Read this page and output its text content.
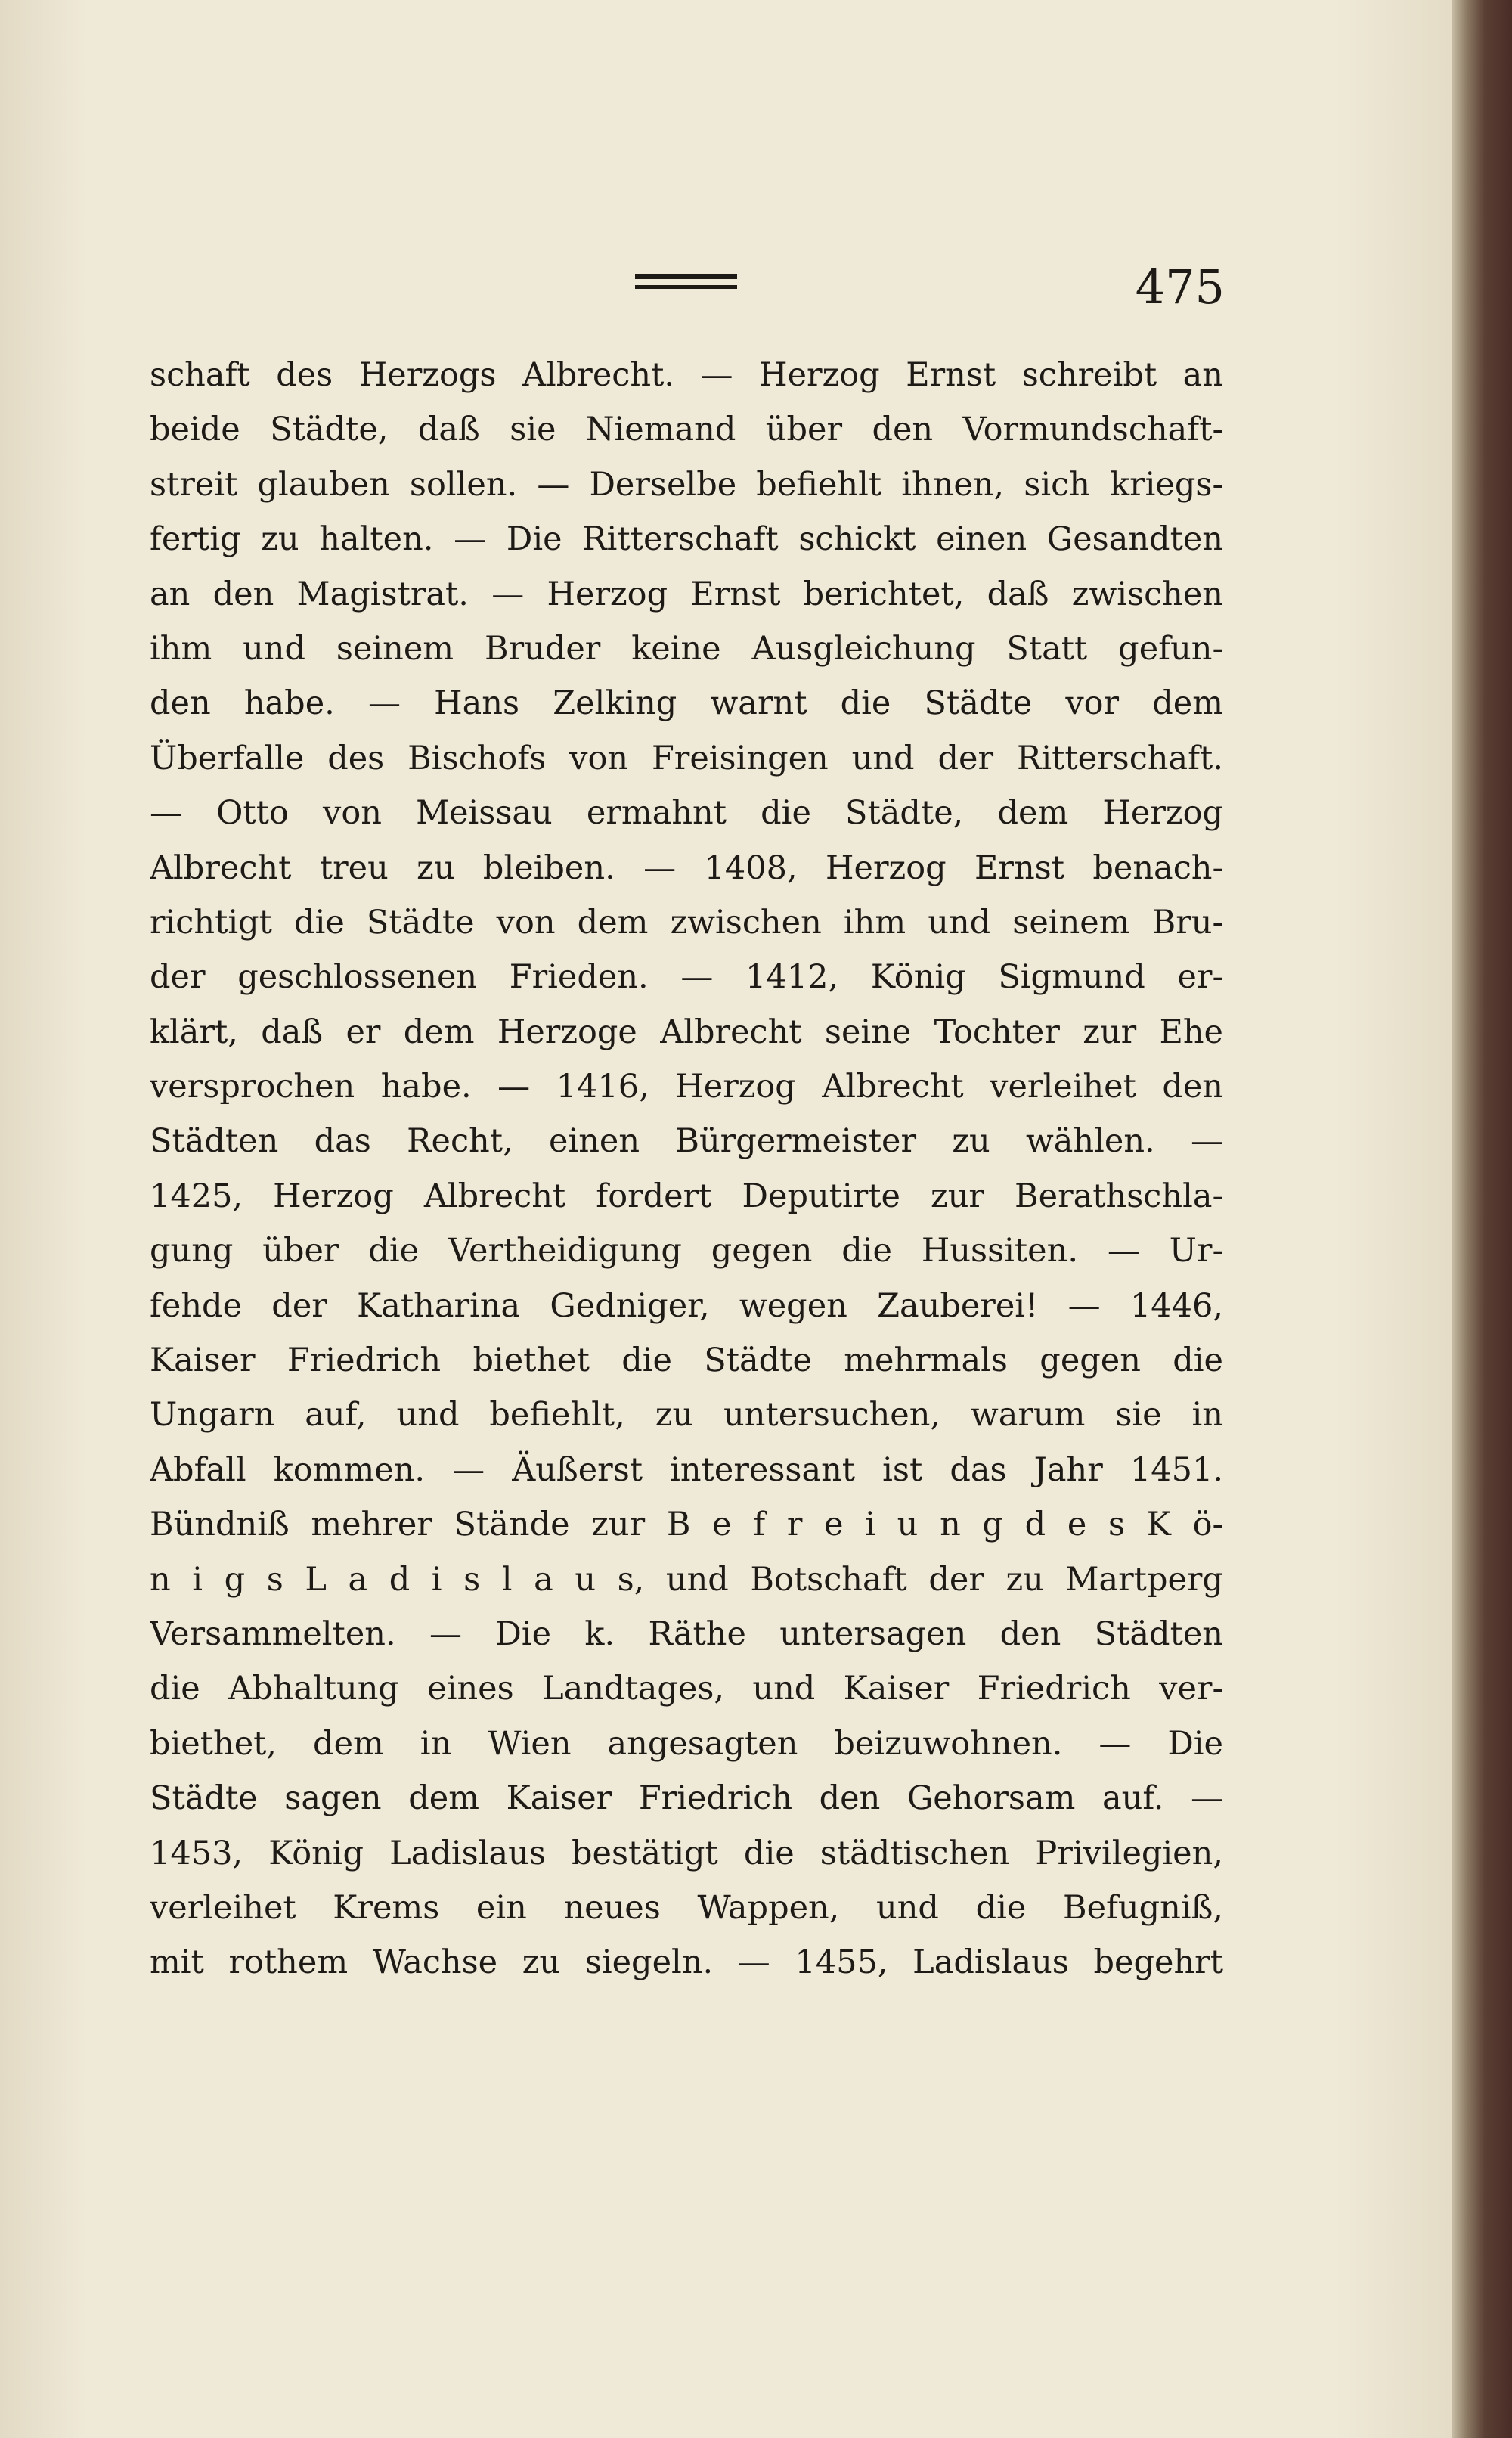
475
schaft des Herzogs Albrecht. — Herzog Ernst schreibt an
beide Städte, daß sie Niemand über den Vormundschaft-
streit glauben sollen. — Derselbe befiehlt ihnen, sich kriegs-
fertig zu halten. — Die Ritterschaft schickt einen Gesandten
an den Magistrat. — Herzog Ernst berichtet, daß zwischen
ihm und seinem Bruder keine Ausgleichung Statt gefun-
den habe. — Hans Zelking warnt die Städte vor dem
Überfalle des Bischofs von Freisingen und der Ritterschaft.
— Otto von Meissau ermahnt die Städte, dem Herzog
Albrecht treu zu bleiben. — 1408, Herzog Ernst benach-
richtigt die Städte von dem zwischen ihm und seinem Bru-
der geschlossenen Frieden. — 1412, König Sigmund er-
klärt, daß er dem Herzoge Albrecht seine Tochter zur Ehe
versprochen habe. — 1416, Herzog Albrecht verleihet den
Städten das Recht, einen Bürgermeister zu wählen. —
1425, Herzog Albrecht fordert Deputirte zur Berathschla-
gung über die Vertheidigung gegen die Hussiten. — Ur-
fehde der Katharina Gedniger, wegen Zauberei! — 1446,
Kaiser Friedrich biethet die Städte mehrmals gegen die
Ungarn auf, und befiehlt, zu untersuchen, warum sie in
Abfall kommen. — Äußerst interessant ist das Jahr 1451.
Bündniß mehrer Stände zur B e f r e i u n g d e s K ö-
n i g s L a d i s l a u s, und Botschaft der zu Martperg
Versammelten. — Die k. Räthe untersagen den Städten
die Abhaltung eines Landtages, und Kaiser Friedrich ver-
biethet, dem in Wien angesagten beizuwohnen. — Die
Städte sagen dem Kaiser Friedrich den Gehorsam auf. —
1453, König Ladislaus bestätigt die städtischen Privilegien,
verleihet Krems ein neues Wappen, und die Befugniß,
mit rothem Wachse zu siegeln. — 1455, Ladislaus begehrt
